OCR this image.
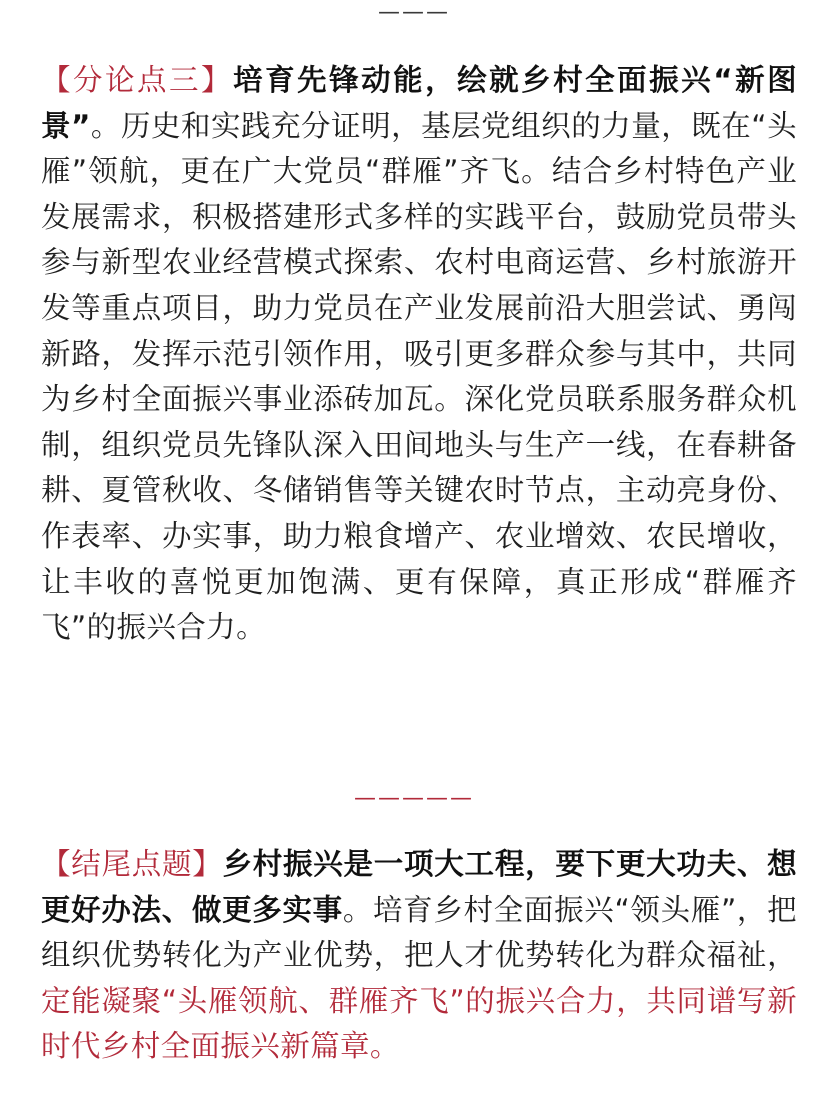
———

【分论点三】培育先锋动能，绘就乡村全面振兴“新图景”。历史和实践充分证明，基层党组织的力量，既在“头雁”领航，更在广大党员“群雁”齐飞。结合乡村特色产业发展需求，积极搭建形式多样的实践平台，鼓励党员带头参与新型农业经营模式探索、农村电商运营、乡村旅游开发等重点项目，助力党员在产业发展前沿大胆尝试、勇闯新路，发挥示范引领作用，吸引更多群众参与其中，共同为乡村全面振兴事业添砖加瓦。深化党员联系服务群众机制，组织党员先锋队深入田间地头与生产一线，在春耕备耕、夏管秋收、冬储销售等关键农时节点，主动亮身份、作表率、办实事，助力粮食增产、农业增效、农民增收，让丰收的喜悦更加饱满、更有保障，真正形成“群雁齐飞”的振兴合力。

—————

【结尾点题】乡村振兴是一项大工程，要下更大功夫、想更好办法、做更多实事。培育乡村全面振兴“领头雁”，把组织优势转化为产业优势，把人才优势转化为群众福祉，定能凝聚“头雁领航、群雁齐飞”的振兴合力，共同谱写新时代乡村全面振兴新篇章。
